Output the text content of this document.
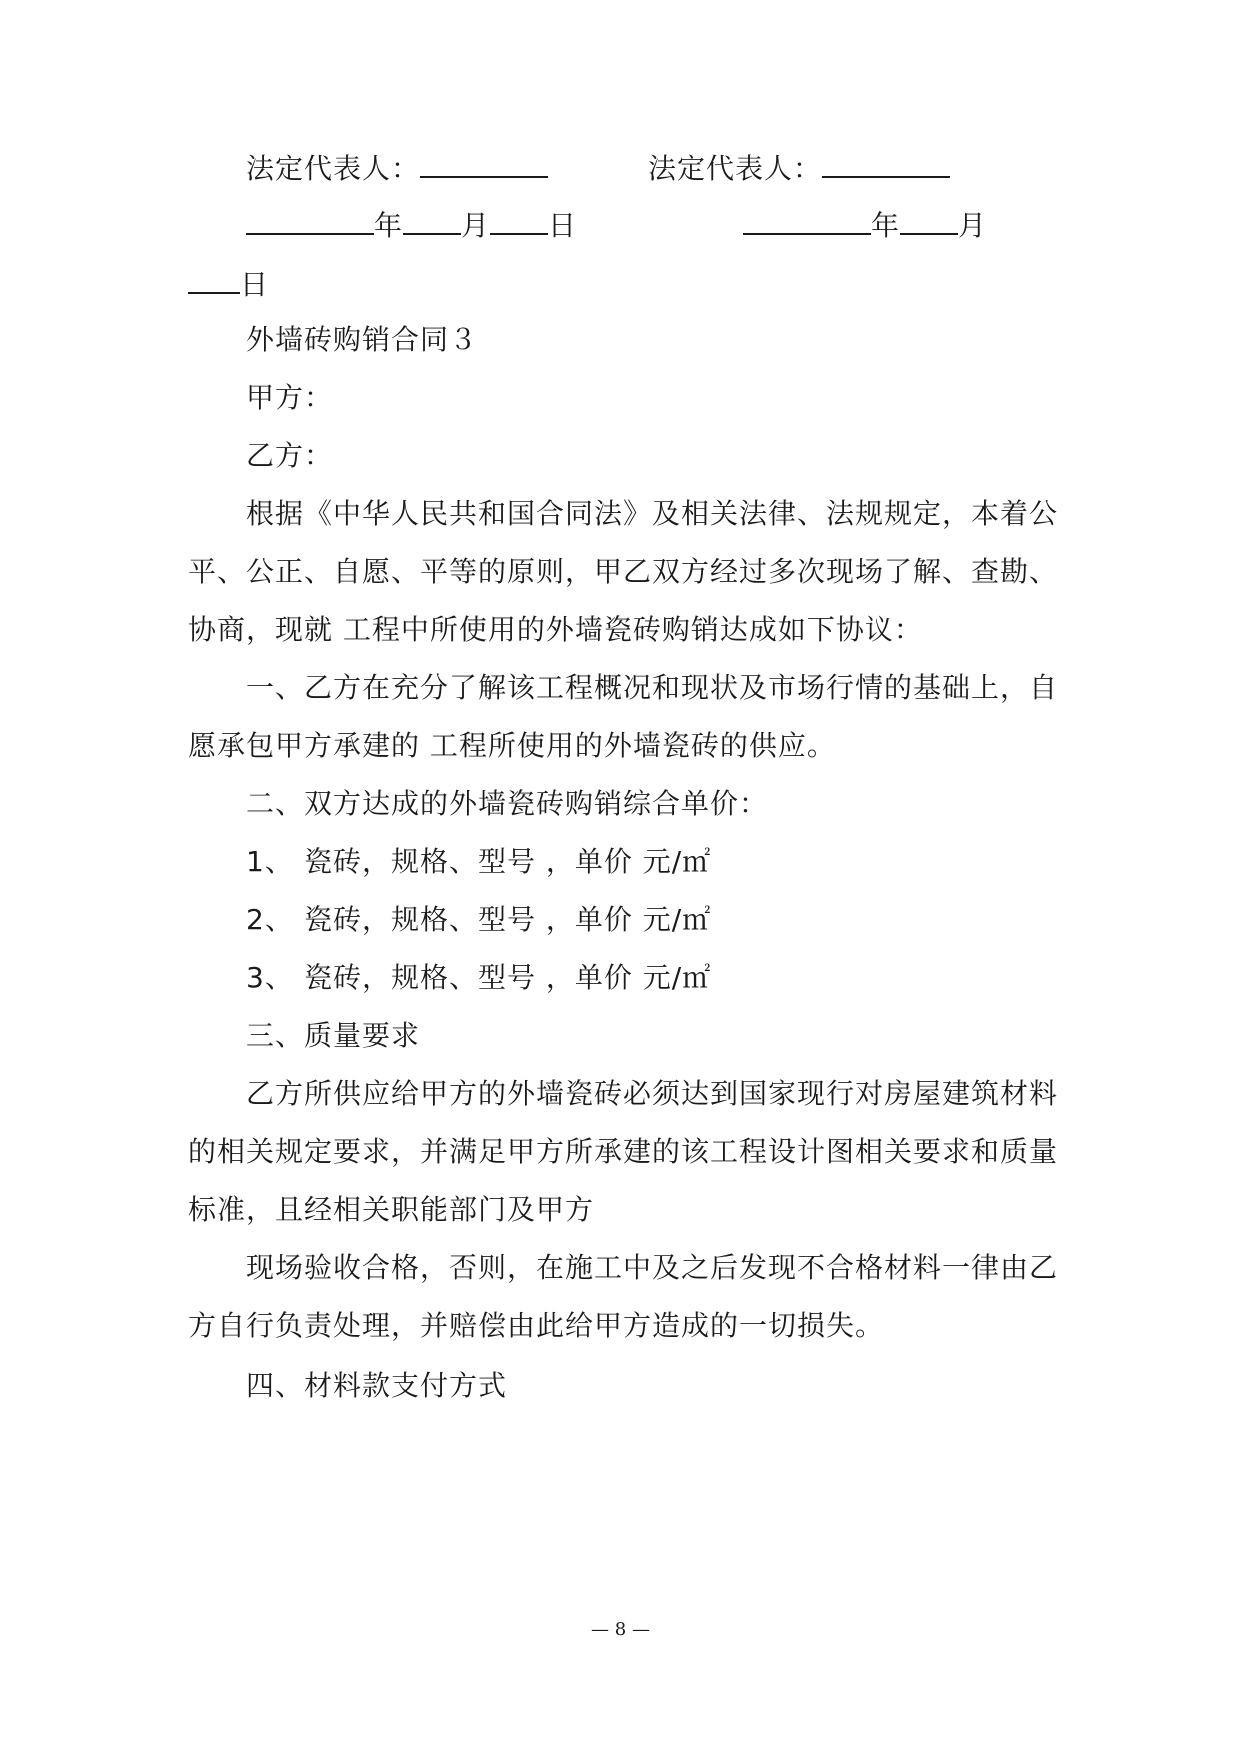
法定代表人：	法定代表人：
年 月 日	年 月
日
外墙砖购销合同３
甲方：
乙方：
根据《中华人民共和国合同法》及相关法律、法规规定，本着公
平、公正、自愿、平等的原则，甲乙双方经过多次现场了解、查勘、
协商，现就 工程中所使用的外墙瓷砖购销达成如下协议：
一、乙方在充分了解该工程概况和现状及市场行情的基础上，自
愿承包甲方承建的 工程所使用的外墙瓷砖的供应。
二、双方达成的外墙瓷砖购销综合单价：
1、 瓷砖，规格、型号 ，单价 元/㎡
2、 瓷砖，规格、型号 ，单价 元/㎡
3、 瓷砖，规格、型号 ，单价 元/㎡
三、质量要求
乙方所供应给甲方的外墙瓷砖必须达到国家现行对房屋建筑材料
的相关规定要求，并满足甲方所承建的该工程设计图相关要求和质量
标准，且经相关职能部门及甲方
现场验收合格，否则，在施工中及之后发现不合格材料一律由乙
方自行负责处理，并赔偿由此给甲方造成的一切损失。
四、材料款支付方式
— 8 —
